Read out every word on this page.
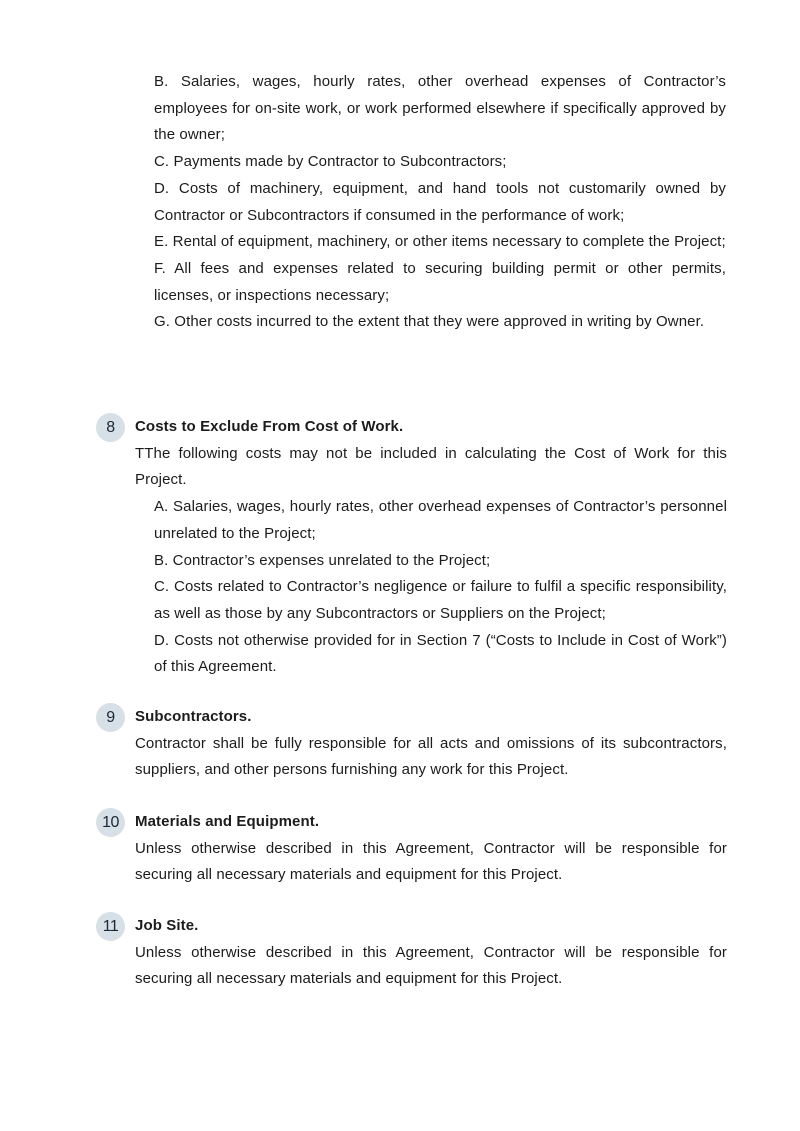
B. Salaries, wages, hourly rates, other overhead expenses of Contractor’s employees for on-site work, or work performed elsewhere if specifically approved by the owner;

C. Payments made by Contractor to Subcontractors;

D. Costs of machinery, equipment, and hand tools not customarily owned by Contractor or Subcontractors if consumed in the performance of work;

E. Rental of equipment, machinery, or other items necessary to complete the Project;

F. All fees and expenses related to securing building permit or other permits, licenses, or inspections necessary;

G. Other costs incurred to the extent that they were approved in writing by Owner.

8	Costs to Exclude From Cost of Work.

TThe following costs may not be included in calculating the Cost of Work for this Project.

A. Salaries, wages, hourly rates, other overhead expenses of Contractor’s personnel unrelated to the Project;

B. Contractor’s expenses unrelated to the Project;

C. Costs related to Contractor’s negligence or failure to fulfil a specific responsibility, as well as those by any Subcontractors or Suppliers on the Project;

D. Costs not otherwise provided for in Section 7 (“Costs to Include in Cost of Work”) of this Agreement.

9	Subcontractors.

Contractor shall be fully responsible for all acts and omissions of its subcontractors, suppliers, and other persons furnishing any work for this Project.

10	Materials and Equipment.

Unless otherwise described in this Agreement, Contractor will be responsible for securing all necessary materials and equipment for this Project.

11	Job Site.

Unless otherwise described in this Agreement, Contractor will be responsible for securing all necessary materials and equipment for this Project.
